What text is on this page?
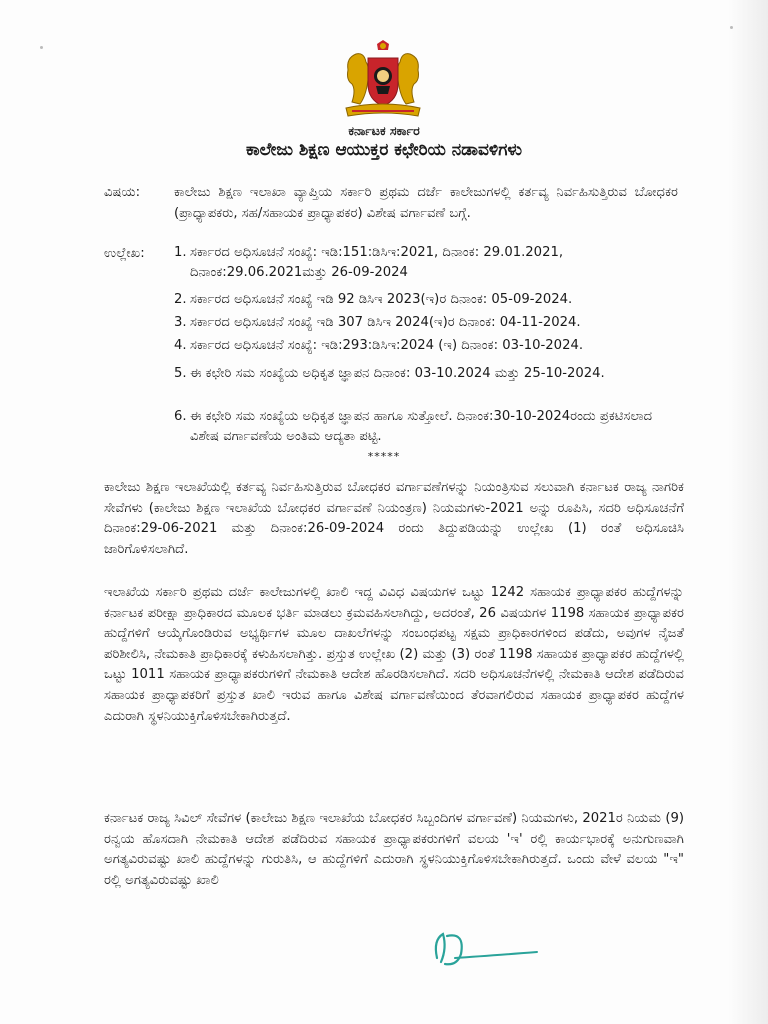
ಕರ್ನಾಟಕ ಸರ್ಕಾರ
ಕಾಲೇಜು ಶಿಕ್ಷಣ ಆಯುಕ್ತರ ಕಛೇರಿಯ ನಡಾವಳಿಗಳು
ವಿಷಯ:	ಕಾಲೇಜು ಶಿಕ್ಷಣ ಇಲಾಖಾ ವ್ಯಾಪ್ತಿಯ ಸರ್ಕಾರಿ ಪ್ರಥಮ ದರ್ಜೆ ಕಾಲೇಜುಗಳಲ್ಲಿ ಕರ್ತವ್ಯ ನಿರ್ವಹಿಸುತ್ತಿರುವ ಬೋಧಕರ (ಪ್ರಾಧ್ಯಾಪಕರು, ಸಹ/ಸಹಾಯಕ ಪ್ರಾಧ್ಯಾಪಕರ) ವಿಶೇಷ ವರ್ಗಾವಣೆ ಬಗ್ಗೆ.
ಉಲ್ಲೇಖ: 1. ಸರ್ಕಾರದ ಅಧಿಸೂಚನೆ ಸಂಖ್ಯೆ: ಇಡಿ:151:ಡಿಸಿಇ:2021, ದಿನಾಂಕ: 29.01.2021, ದಿನಾಂಕ:29.06.2021ಮತ್ತು 26-09-2024
2. ಸರ್ಕಾರದ ಅಧಿಸೂಚನೆ ಸಂಖ್ಯೆ ಇಡಿ 92 ಡಿಸಿಇ 2023(ಇ)ರ ದಿನಾಂಕ: 05-09-2024.
3. ಸರ್ಕಾರದ ಅಧಿಸೂಚನೆ ಸಂಖ್ಯೆ ಇಡಿ 307 ಡಿಸಿಇ 2024(ಇ)ರ ದಿನಾಂಕ: 04-11-2024.
4. ಸರ್ಕಾರದ ಅಧಿಸೂಚನೆ ಸಂಖ್ಯೆ: ಇಡಿ:293:ಡಿಸಿಇ:2024 (ಇ) ದಿನಾಂಕ: 03-10-2024.
5. ಈ ಕಛೇರಿ ಸಮ ಸಂಖ್ಯೆಯ ಅಧಿಕೃತ ಜ್ಞಾಪನ ದಿನಾಂಕ: 03-10.2024 ಮತ್ತು 25-10-2024.
6. ಈ ಕಛೇರಿ ಸಮ ಸಂಖ್ಯೆಯ ಅಧಿಕೃತ ಜ್ಞಾಪನ ಹಾಗೂ ಸುತ್ತೋಲೆ. ದಿನಾಂಕ:30-10-2024ರಂದು ಪ್ರಕಟಿಸಲಾದ ವಿಶೇಷ ವರ್ಗಾವಣೆಯ ಅಂತಿಮ ಆದ್ಯತಾ ಪಟ್ಟಿ.
*****
ಕಾಲೇಜು ಶಿಕ್ಷಣ ಇಲಾಖೆಯಲ್ಲಿ ಕರ್ತವ್ಯ ನಿರ್ವಹಿಸುತ್ತಿರುವ ಬೋಧಕರ ವರ್ಗಾವಣೆಗಳನ್ನು ನಿಯಂತ್ರಿಸುವ ಸಲುವಾಗಿ ಕರ್ನಾಟಕ ರಾಜ್ಯ ನಾಗರಿಕ ಸೇವೆಗಳು (ಕಾಲೇಜು ಶಿಕ್ಷಣ ಇಲಾಖೆಯ ಬೋಧಕರ ವರ್ಗಾವಣೆ ನಿಯಂತ್ರಣ) ನಿಯಮಗಳು-2021 ಅನ್ನು ರೂಪಿಸಿ, ಸದರಿ ಅಧಿಸೂಚನೆಗೆ ದಿನಾಂಕ:29-06-2021 ಮತ್ತು ದಿನಾಂಕ:26-09-2024 ರಂದು ತಿದ್ದುಪಡಿಯನ್ನು ಉಲ್ಲೇಖ (1) ರಂತೆ ಅಧಿಸೂಚಿಸಿ ಜಾರಿಗೊಳಿಸಲಾಗಿದೆ.
ಇಲಾಖೆಯ ಸರ್ಕಾರಿ ಪ್ರಥಮ ದರ್ಜೆ ಕಾಲೇಜುಗಳಲ್ಲಿ ಖಾಲಿ ಇದ್ದ ವಿವಿಧ ವಿಷಯಗಳ ಒಟ್ಟು 1242 ಸಹಾಯಕ ಪ್ರಾಧ್ಯಾಪಕರ ಹುದ್ದೆಗಳನ್ನು ಕರ್ನಾಟಕ ಪರೀಕ್ಷಾ ಪ್ರಾಧಿಕಾರದ ಮೂಲಕ ಭರ್ತಿ ಮಾಡಲು ಕ್ರಮವಹಿಸಲಾಗಿದ್ದು, ಅದರಂತೆ, 26 ವಿಷಯಗಳ 1198 ಸಹಾಯಕ ಪ್ರಾಧ್ಯಾಪಕರ ಹುದ್ದೆಗಳಿಗೆ ಆಯ್ಕೆಗೊಂಡಿರುವ ಅಭ್ಯರ್ಥಿಗಳ ಮೂಲ ದಾಖಲೆಗಳನ್ನು ಸಂಬಂಧಪಟ್ಟ ಸಕ್ಷಮ ಪ್ರಾಧಿಕಾರಗಳಿಂದ ಪಡೆದು, ಅವುಗಳ ನೈಜತೆ ಪರಿಶೀಲಿಸಿ, ನೇಮಕಾತಿ ಪ್ರಾಧಿಕಾರಕ್ಕೆ ಕಳುಹಿಸಲಾಗಿತ್ತು. ಪ್ರಸ್ತುತ ಉಲ್ಲೇಖ (2) ಮತ್ತು (3) ರಂತೆ 1198 ಸಹಾಯಕ ಪ್ರಾಧ್ಯಾಪಕರ ಹುದ್ದೆಗಳಲ್ಲಿ ಒಟ್ಟು 1011 ಸಹಾಯಕ ಪ್ರಾಧ್ಯಾಪಕರುಗಳಿಗೆ ನೇಮಕಾತಿ ಆದೇಶ ಹೊರಡಿಸಲಾಗಿದೆ. ಸದರಿ ಅಧಿಸೂಚನೆಗಳಲ್ಲಿ ನೇಮಕಾತಿ ಆದೇಶ ಪಡೆದಿರುವ ಸಹಾಯಕ ಪ್ರಾಧ್ಯಾಪಕರಿಗೆ ಪ್ರಸ್ತುತ ಖಾಲಿ ಇರುವ ಹಾಗೂ ವಿಶೇಷ ವರ್ಗಾವಣೆಯಿಂದ ತೆರವಾಗಲಿರುವ ಸಹಾಯಕ ಪ್ರಾಧ್ಯಾಪಕರ ಹುದ್ದೆಗಳ ಎದುರಾಗಿ ಸ್ಥಳನಿಯುಕ್ತಿಗೊಳಿಸಬೇಕಾಗಿರುತ್ತದೆ.
ಕರ್ನಾಟಕ ರಾಜ್ಯ ಸಿವಿಲ್ ಸೇವೆಗಳ (ಕಾಲೇಜು ಶಿಕ್ಷಣ ಇಲಾಖೆಯ ಬೋಧಕರ ಸಿಬ್ಬಂದಿಗಳ ವರ್ಗಾವಣೆ) ನಿಯಮಗಳು, 2021ರ ನಿಯಮ (9) ರನ್ವಯ ಹೊಸದಾಗಿ ನೇಮಕಾತಿ ಆದೇಶ ಪಡೆದಿರುವ ಸಹಾಯಕ ಪ್ರಾಧ್ಯಾಪಕರುಗಳಿಗೆ ವಲಯ 'ಇ' ರಲ್ಲಿ ಕಾರ್ಯಭಾರಕ್ಕೆ ಅನುಗುಣವಾಗಿ ಅಗತ್ಯವಿರುವಷ್ಟು ಖಾಲಿ ಹುದ್ದೆಗಳನ್ನು ಗುರುತಿಸಿ, ಆ ಹುದ್ದೆಗಳಿಗೆ ಎದುರಾಗಿ ಸ್ಥಳನಿಯುಕ್ತಿಗೊಳಿಸಬೇಕಾಗಿರುತ್ತದೆ. ಒಂದು ವೇಳೆ ವಲಯ "ಇ" ರಲ್ಲಿ ಅಗತ್ಯವಿರುವಷ್ಟು ಖಾಲಿ
